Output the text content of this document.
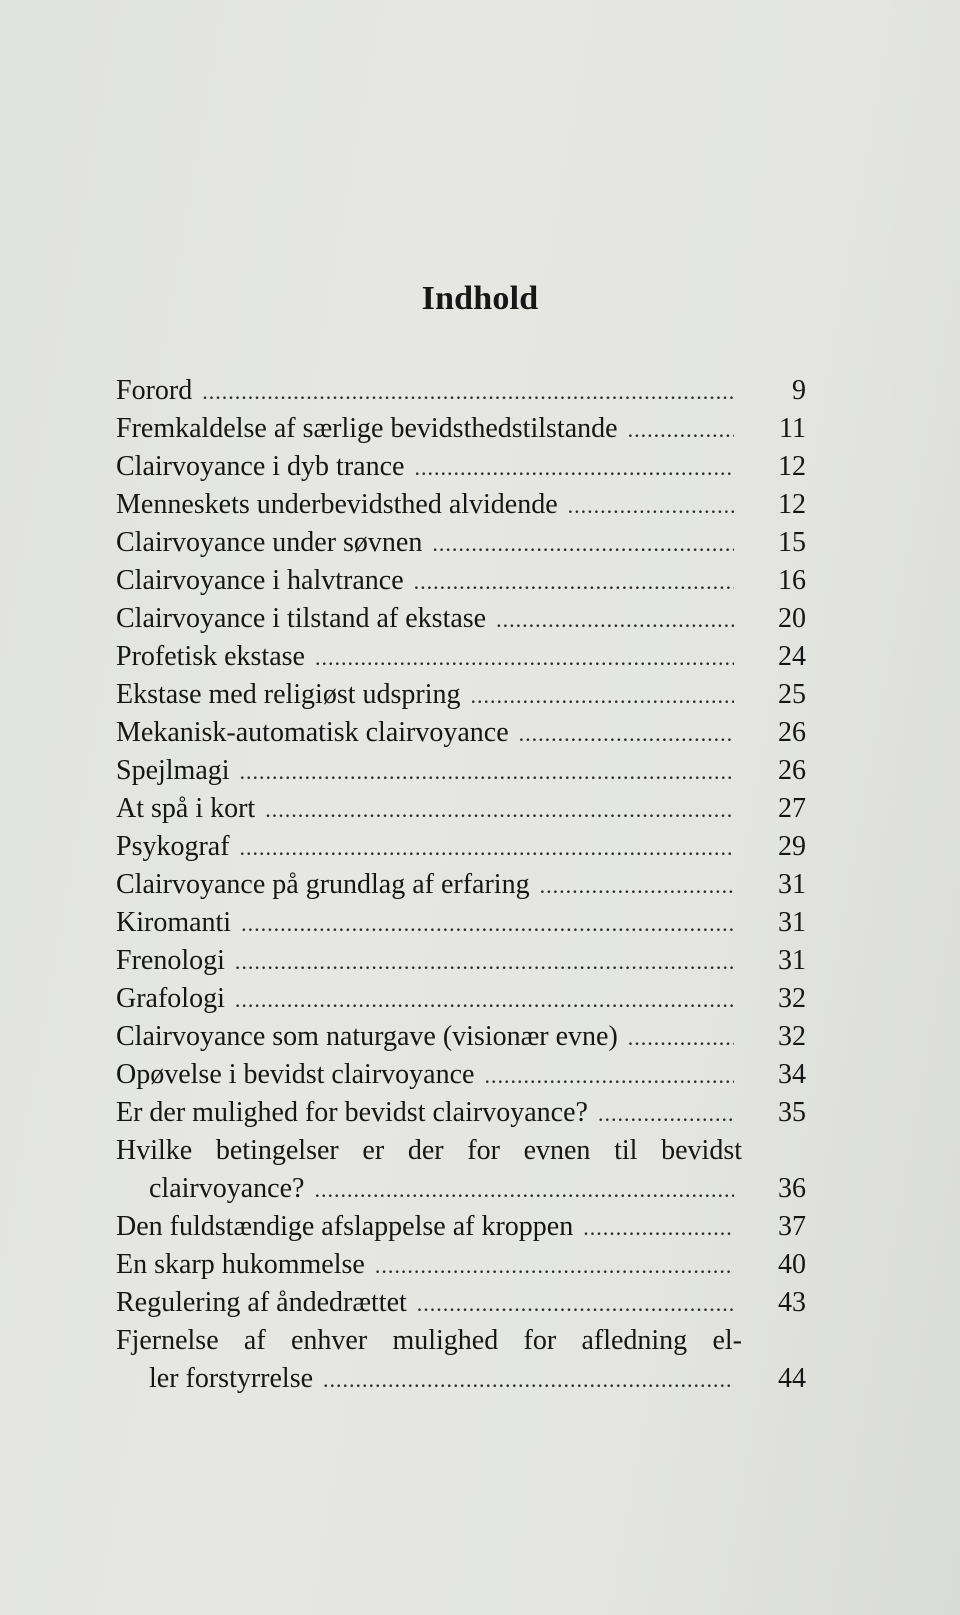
Indhold
Forord .....	9
Fremkaldelse af særlige bevidsthedstilstande .....	11
Clairvoyance i dyb trance .....	12
Menneskets underbevidsthed alvidende .....	12
Clairvoyance under søvnen .....	15
Clairvoyance i halvtrance .....	16
Clairvoyance i tilstand af ekstase .....	20
Profetisk ekstase .....	24
Ekstase med religiøst udspring .....	25
Mekanisk-automatisk clairvoyance .....	26
Spejlmagi .....	26
At spå i kort .....	27
Psykograf .....	29
Clairvoyance på grundlag af erfaring .....	31
Kiromanti .....	31
Frenologi .....	31
Grafologi .....	32
Clairvoyance som naturgave (visionær evne) .....	32
Opøvelse i bevidst clairvoyance .....	34
Er der mulighed for bevidst clairvoyance? .....	35
Hvilke betingelser er der for evnen til bevidst
clairvoyance? .....	36
Den fuldstændige afslappelse af kroppen .....	37
En skarp hukommelse .....	40
Regulering af åndedrættet .....	43
Fjernelse af enhver mulighed for afledning el-
ler forstyrrelse .....	44
